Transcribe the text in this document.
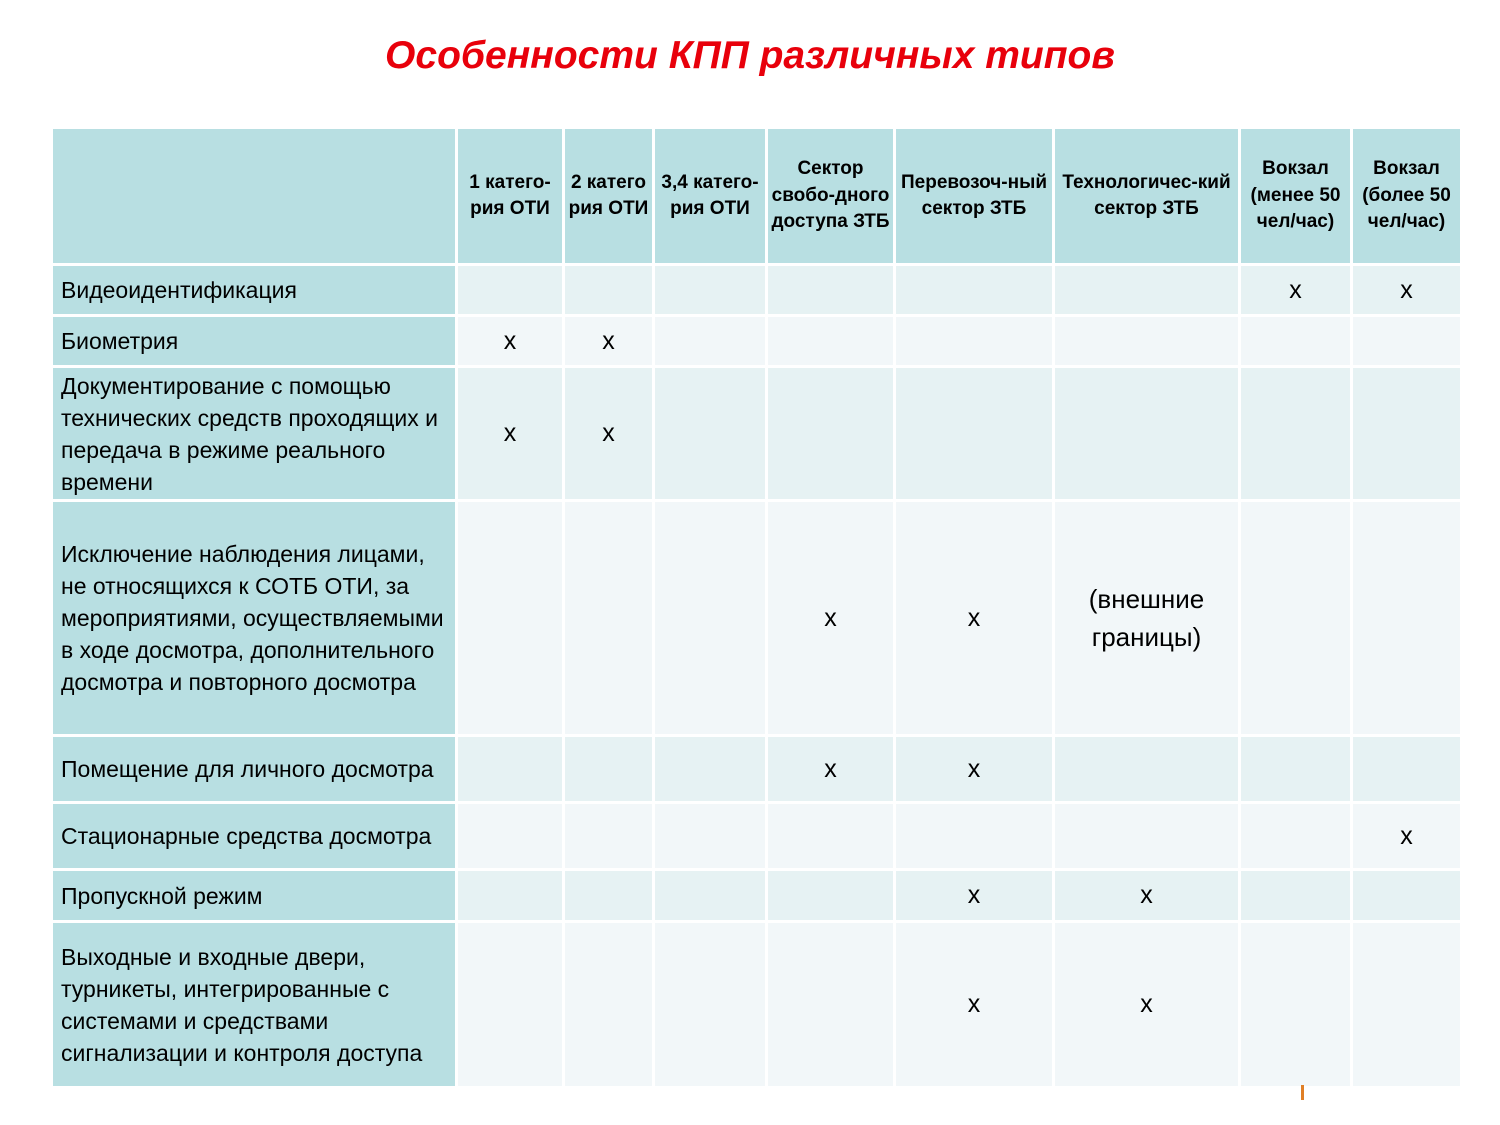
Особенности КПП различных типов
	1 катего-рия ОТИ	2 катего рия ОТИ	3,4 катего-рия ОТИ	Сектор свобо-дного доступа ЗТБ	Перевозоч-ный сектор ЗТБ	Технологичес-кий сектор ЗТБ	Вокзал (менее 50 чел/час)	Вокзал (более 50 чел/час)
Видеоидентификация							x	x
Биометрия	x	x						
Документирование с помощью технических средств проходящих и передача в режиме реального времени	x	x						
Исключение наблюдения лицами, не относящихся к СОТБ ОТИ, за мероприятиями, осуществляемыми в ходе досмотра, дополнительного досмотра и повторного досмотра				x	x	(внешние границы)		
Помещение для личного досмотра				x	x			
Стационарные средства досмотра								x
Пропускной режим					x	x		
Выходные и входные двери, турникеты, интегрированные с системами и средствами сигнализации и контроля доступа					x	x		
